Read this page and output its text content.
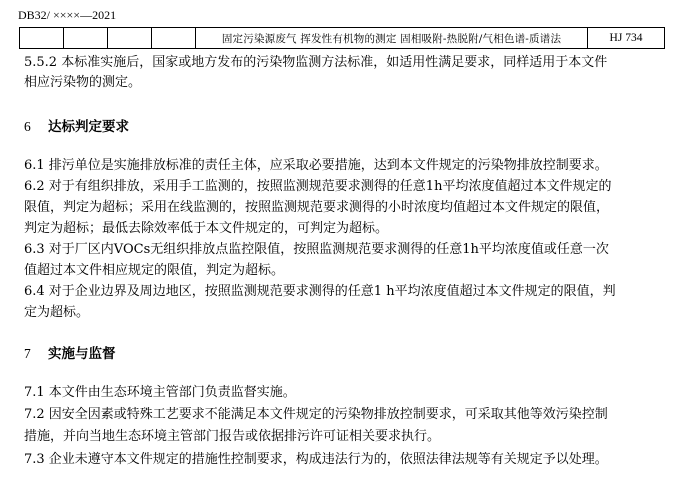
DB32/ ××××—2021
				固定污染源废气 挥发性有机物的测定 固相吸附-热脱附/气相色谱-质谱法	HJ 734
5.5.2 本标准实施后，国家或地方发布的污染物监测方法标准，如适用性满足要求，同样适用于本文件
相应污染物的测定。
6 达标判定要求
6.1 排污单位是实施排放标准的责任主体，应采取必要措施，达到本文件规定的污染物排放控制要求。
6.2 对于有组织排放，采用手工监测的，按照监测规范要求测得的任意1h平均浓度值超过本文件规定的
限值，判定为超标；采用在线监测的，按照监测规范要求测得的小时浓度均值超过本文件规定的限值，
判定为超标；最低去除效率低于本文件规定的，可判定为超标。
6.3 对于厂区内VOCs无组织排放点监控限值，按照监测规范要求测得的任意1h平均浓度值或任意一次
值超过本文件相应规定的限值，判定为超标。
6.4 对于企业边界及周边地区，按照监测规范要求测得的任意1 h平均浓度值超过本文件规定的限值，判
定为超标。
7 实施与监督
7.1 本文件由生态环境主管部门负责监督实施。
7.2 因安全因素或特殊工艺要求不能满足本文件规定的污染物排放控制要求，可采取其他等效污染控制
措施，并向当地生态环境主管部门报告或依据排污许可证相关要求执行。
7.3 企业未遵守本文件规定的措施性控制要求，构成违法行为的，依照法律法规等有关规定予以处理。
